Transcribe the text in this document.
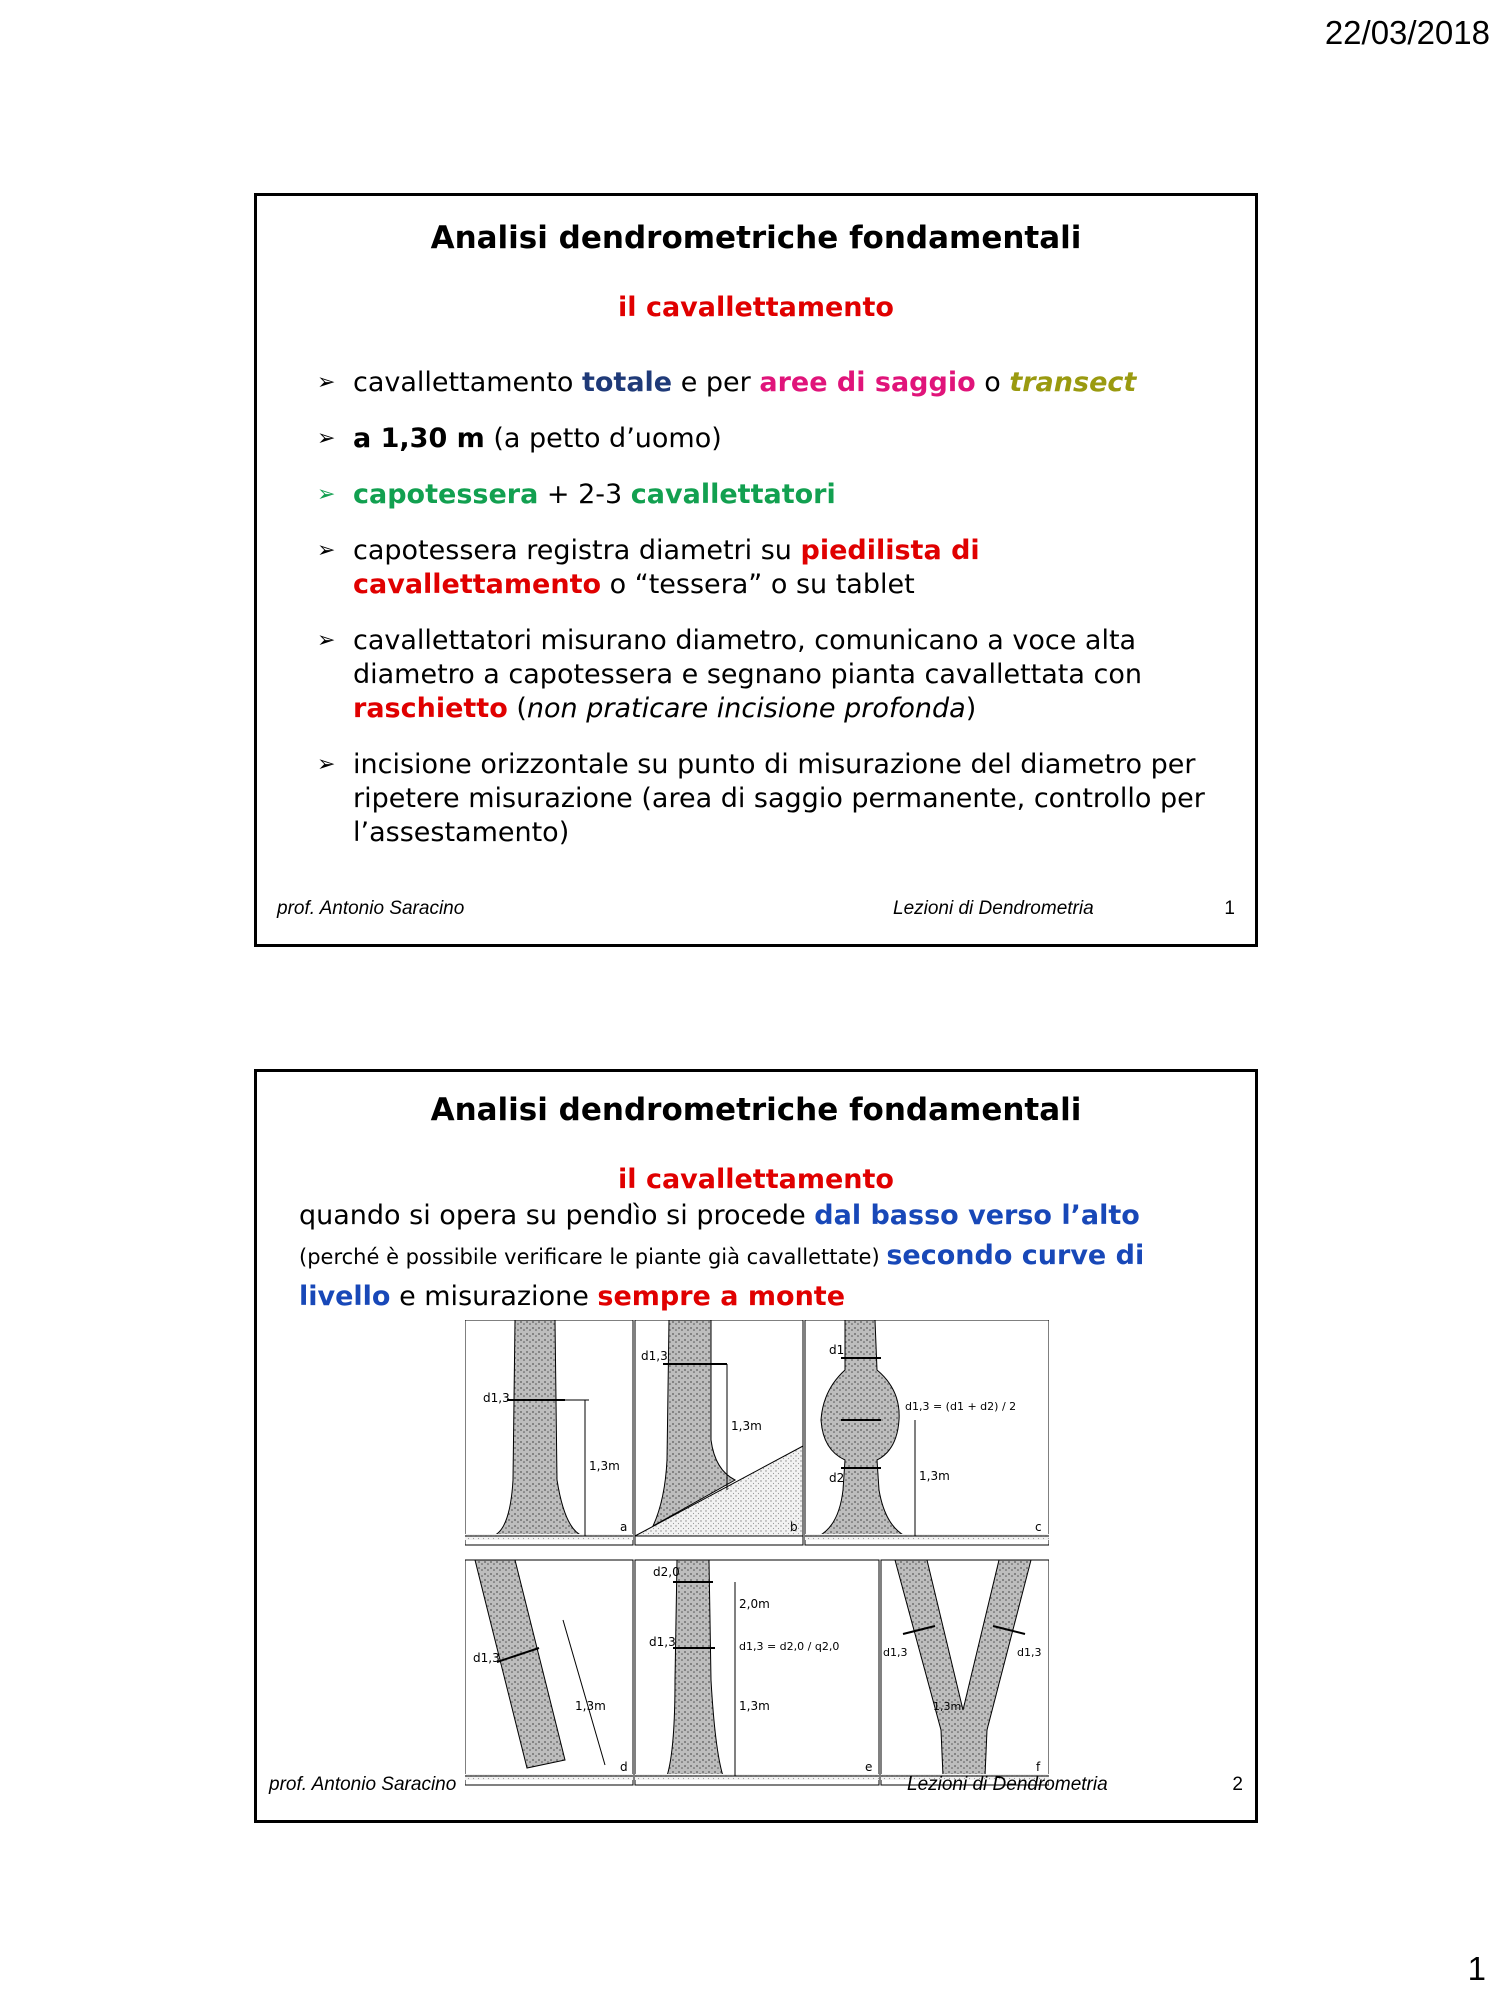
22/03/2018
Analisi dendrometriche fondamentali
il cavallettamento
➢ cavallettamento totale e per aree di saggio o transect
➢ a 1,30 m (a petto d’uomo)
➢ capotessera + 2-3 cavallettatori
➢ capotessera registra diametri su piedilista di cavallettamento o “tessera” o su tablet
➢ cavallettatori misurano diametro, comunicano a voce alta diametro a capotessera e segnano pianta cavallettata con raschietto (non praticare incisione profonda)
➢ incisione orizzontale su punto di misurazione del diametro per ripetere misurazione (area di saggio permanente, controllo per l’assestamento)
prof. Antonio Saracino	Lezioni di Dendrometria	1
Analisi dendrometriche fondamentali
il cavallettamento
quando si opera su pendìo si procede dal basso verso l’alto
(perché è possibile verificare le piante già cavallettate) secondo curve di livello e misurazione sempre a monte
d1,3
1,3m
a
d1,3
1,3m
b
d1
d2
d1,3 = (d1 + d2) / 2
1,3m
c
d1,3
1,3m
d
d2,0
d1,3
2,0m
d1,3 = d2,0 / q2,0
1,3m
e
d1,3	d1,3
1,3m
f
prof. Antonio Saracino	Lezioni di Dendrometria	2
1
